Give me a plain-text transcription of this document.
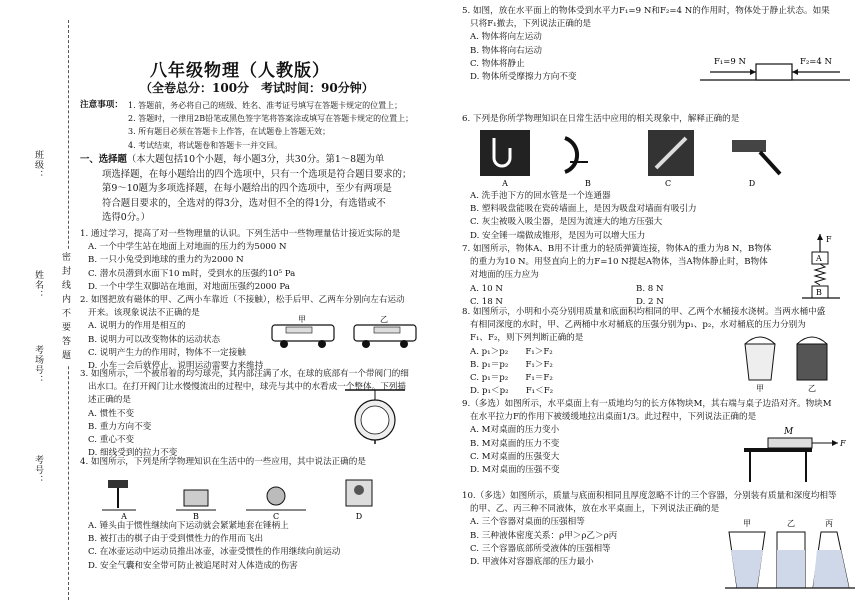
班级：
姓名：
考场号：
考号：
密封线内不要答题
八年级物理（人教版）
（全卷总分：100分　考试时间：90分钟）
注意事项： 1. 答题前，务必将自己的班级、姓名、准考证号填写在答题卡规定的位置上；

2. 答题时，一律用2B铅笔或黑色签字笔将答案涂或填写在答题卡规定的位置上；

3. 所有题目必须在答题卡上作答，在试题卷上答题无效；

4. 考试结束，将试题卷和答题卡一并交回。

一、选择题（本大题包括10个小题，每小题3分，共30分。第1～8题为单

项选择题，在每小题给出的四个选项中，只有一个选项是符合题目要求的；

第9～10题为多项选择题，在每小题给出的四个选项中，至少有两项是

符合题目要求的，全选对的得3分，选对但不全的得1分，有选错或不

选得0分。）

1. 通过学习，提高了对一些物理量的认识。下列生活中一些物理量估计接近实际的是

A. 一个中学生站在地面上对地面的压力约为5000 N

B. 一只小兔受到地球的重力约为2000 N

C. 潜水员潜到水面下10 m时，受到水的压强约10⁵ Pa

D. 一个中学生双脚站在地面，对地面压强约2000 Pa

2. 如图把放有磁体的甲、乙两小车靠近（不接触），松手后甲、乙两车分别向左右运动

开来。该现象说法不正确的是

A. 说明力的作用是相互的

B. 说明力可以改变物体的运动状态

C. 说明产生力的作用时，物体不一定接触

D. 小车一会后就停止，说明运动需要力来维持

甲	乙

3. 如图所示，一个被吊着的均匀球壳，其内部注满了水，在球的底部有一个带阀门的细

出水口。在打开阀门让水慢慢流出的过程中，球壳与其中的水看成一个整体。下列描

述正确的是

A. 惯性不变

B. 重力方向不变

C. 重心不变

D. 细线受到的拉力不变

4. 如图所示，下列是所学物理知识在生活中的一些应用，其中说法正确的是

A	B	C	D

A. 锤头由于惯性继续向下运动就会紧紧地套在锤柄上

B. 被打击的棋子由于受到惯性力的作用而飞出

C. 在冰壶运动中运动员推出冰壶，冰壶受惯性的作用继续向前运动

D. 安全气囊和安全带可防止被追尾时对人体造成的伤害

5. 如图，放在水平面上的物体受到水平力F₁=9 N和F₂=4 N的作用时，物体处于静止状态。如果

只将F₁撤去，下列说法正确的是

A. 物体将向左运动

B. 物体将向右运动

C. 物体将静止

D. 物体所受摩擦力方向不变

F₁=9 N	F₂=4 N

6. 下列是你所学物理知识在日常生活中应用的相关现象中，解释正确的是

A	B	C	D

A. 洗手池下方的回水管是一个连通器

B. 塑料吸盘能吸在瓷砖墙面上，是因为吸盘对墙面有吸引力

C. 灰尘被吸入吸尘器，是因为流速大的地方压强大

D. 安全锤一端做成锥形，是因为可以增大压力

7. 如图所示，物体A、B用不计重力的轻质弹簧连接，物体A的重力为8 N，B物体

的重力为10 N。用竖直向上的力F=10 N提起A物体，当A物体静止时，B物体

对地面的压力应为

A. 10 N	B. 8 N
C. 18 N	D. 2 N
F
A
B

8. 如图所示，小明和小亮分别用质量和底面积均相同的甲、乙两个水桶接水浇树。当两水桶中盛

有相同深度的水时，甲、乙两桶中水对桶底的压强分别为p₁、p₂，水对桶底的压力分别为

F₁、F₂，则下列判断正确的是

A. p₁＞p₂　　F₁＞F₂

B. p₁＝p₂　　F₁＞F₂

C. p₁＝p₂　　F₁＝F₂

D. p₁＜p₂　　F₁＜F₂	甲	乙

9.（多选）如图所示，水平桌面上有一质地均匀的长方体物块M，其右端与桌子边沿对齐。物块M

在水平拉力F的作用下被缓缓地拉出桌面1/3。此过程中，下列说法正确的是

A. M对桌面的压力变小

B. M对桌面的压力不变

C. M对桌面的压强变大

D. M对桌面的压强不变

M
F

10.（多选）如图所示，质量与底面积相同且厚度忽略不计的三个容器，分别装有质量和深度均相等

的甲、乙、丙三种不同液体，放在水平桌面上，下列说法正确的是

A. 三个容器对桌面的压强相等

B. 三种液体密度关系：ρ甲＞ρ乙＞ρ丙

C. 三个容器底部所受液体的压强相等

D. 甲液体对容器底部的压力最小

甲	乙	丙
